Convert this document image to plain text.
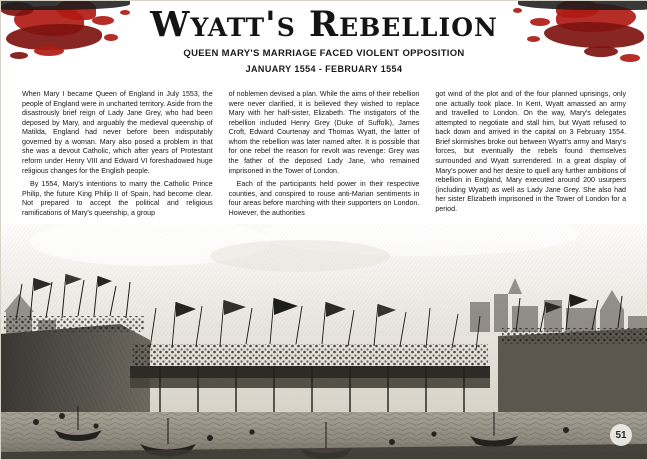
Wyatt's Rebellion
QUEEN MARY'S MARRIAGE FACED VIOLENT OPPOSITION
JANUARY 1554 - FEBRUARY 1554

When Mary I became Queen of England in July 1553, the people of England were in uncharted territory. Aside from the disastrously brief reign of Lady Jane Grey, who had been deposed by Mary, and arguably the medieval queenship of Matilda, England had never before been indisputably governed by a woman. Mary also posed a problem in that she was a devout Catholic, which after years of Protestant reform under Henry VIII and Edward VI foreshadowed huge religious changes for the English people.

By 1554, Mary's intentions to marry the Catholic Prince Philip, the future King Philip II of Spain, had become clear. Not prepared to accept the political and religious ramifications of Mary's queenship, a group

of noblemen devised a plan. While the aims of their rebellion were never clarified, it is believed they wished to replace Mary with her half-sister, Elizabeth. The instigators of the rebellion included Henry Grey (Duke of Suffolk), James Croft, Edward Courtenay and Thomas Wyatt, the latter of whom the rebellion was later named after. It is possible that for one rebel the reason for revolt was revenge: Grey was the father of the deposed Lady Jane, who remained imprisoned in the Tower of London.

Each of the participants held power in their respective counties, and conspired to rouse anti-Marian sentiments in four areas before marching with their supporters on London. However, the authorities

got wind of the plot and of the four planned uprisings, only one actually took place. In Kent, Wyatt amassed an army and travelled to London. On the way, Mary's delegates attempted to negotiate and stall him, but Wyatt refused to back down and arrived in the capital on 3 February 1554. Brief skirmishes broke out between Wyatt's army and Mary's forces, but eventually the rebels found themselves surrounded and Wyatt surrendered. In a great display of Mary's power and her desire to quell any further ambitions of rebellion in England, Mary executed around 200 usurpers (including Wyatt) as well as Lady Jane Grey. She also had her sister Elizabeth imprisoned in the Tower of London for a period.

51
